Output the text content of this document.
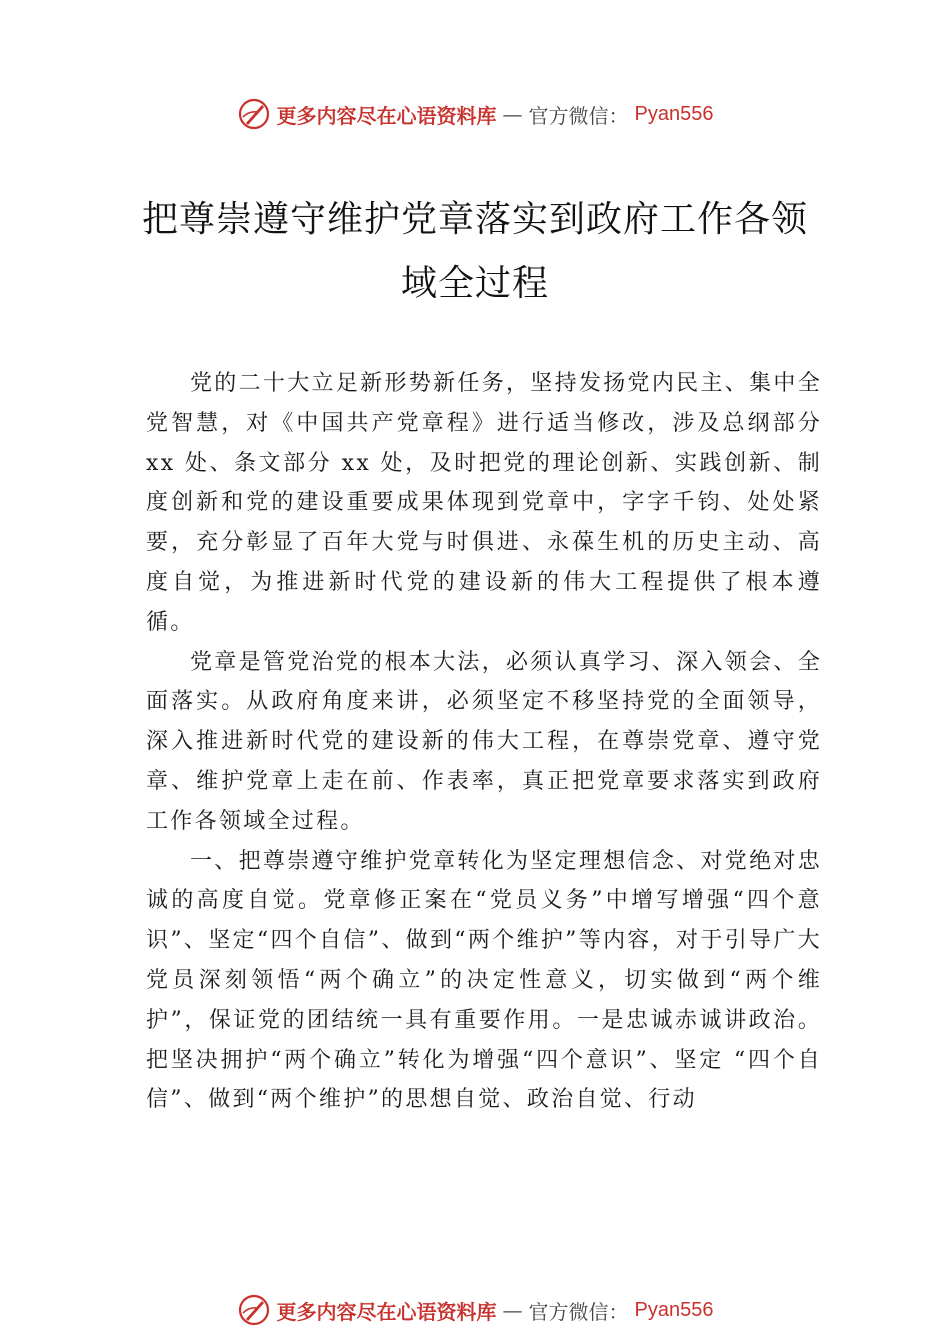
更多内容尽在心语资料库 — 官方微信： Pyan556
把尊崇遵守维护党章落实到政府工作各领
域全过程

党的二十大立足新形势新任务，坚持发扬党内民主、集中全党智慧，对《中国共产党章程》进行适当修改，涉及总纲部分 xx 处、条文部分 xx 处，及时把党的理论创新、实践创新、制度创新和党的建设重要成果体现到党章中，字字千钧、处处紧要，充分彰显了百年大党与时俱进、永葆生机的历史主动、高度自觉，为推进新时代党的建设新的伟大工程提供了根本遵循。

党章是管党治党的根本大法，必须认真学习、深入领会、全面落实。从政府角度来讲，必须坚定不移坚持党的全面领导，深入推进新时代党的建设新的伟大工程，在尊崇党章、遵守党章、维护党章上走在前、作表率，真正把党章要求落实到政府工作各领域全过程。

一、把尊崇遵守维护党章转化为坚定理想信念、对党绝对忠诚的高度自觉。党章修正案在“党员义务”中增写增强“四个意识”、坚定“四个自信”、做到“两个维护”等内容，对于引导广大党员深刻领悟“两个确立”的决定性意义，切实做到“两个维护”，保证党的团结统一具有重要作用。一是忠诚赤诚讲政治。把坚决拥护“两个确立”转化为增强“四个意识”、坚定 “四个自信”、做到“两个维护”的思想自觉、政治自觉、行动

更多内容尽在心语资料库 — 官方微信： Pyan556
